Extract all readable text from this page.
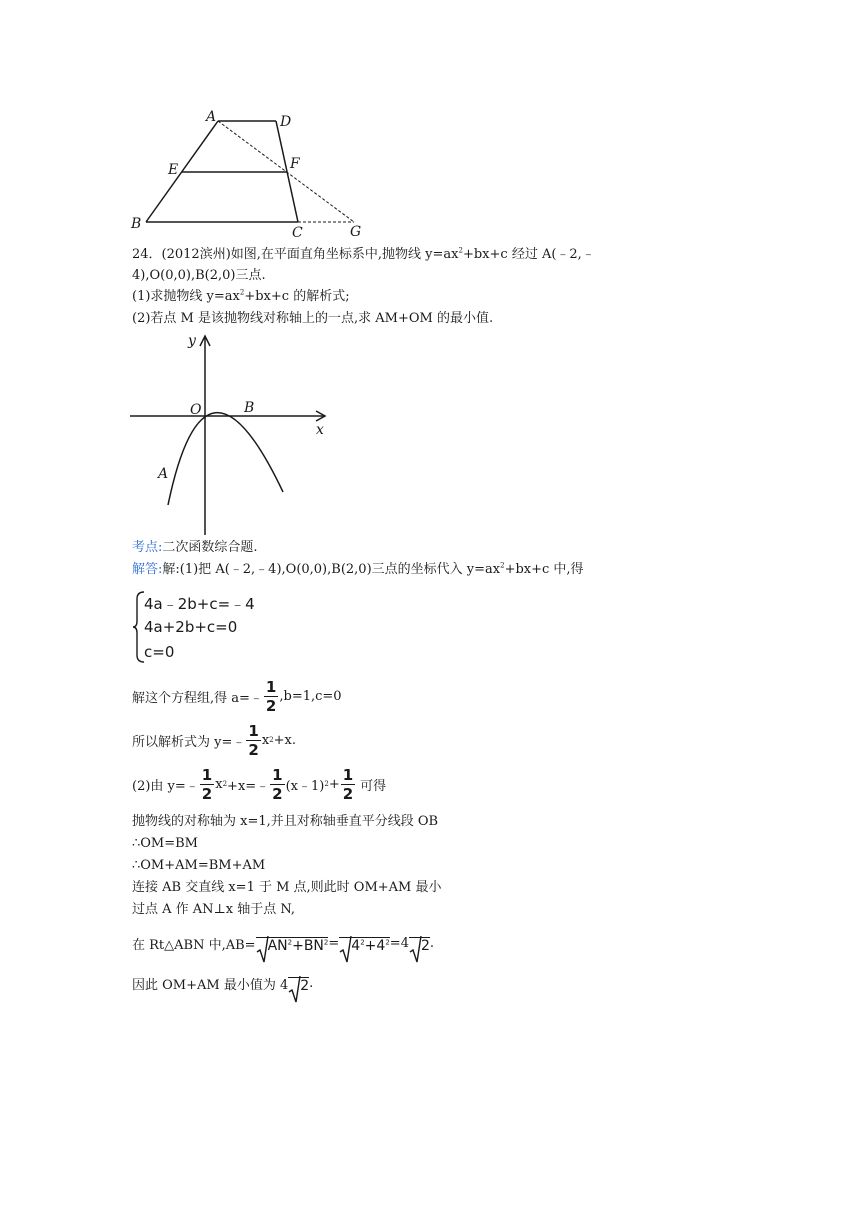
A	D
E	F
B
C	G
24．(2012滨州)如图,在平面直角坐标系中,抛物线 $y=ax^2+bx+c$ 经过 A(﹣2,﹣
4),O(0,0),B(2,0)三点.
(1)求抛物线 $y=ax^2+bx+c$ 的解析式;
(2)若点 M 是该抛物线对称轴上的一点,求 AM+OM 的最小值.
y
x
O	B
A
考点:二次函数综合题.
解答:解:(1)把 A(﹣2,﹣4),O(0,0),B(2,0)三点的坐标代入 $y=ax^2+bx+c$ 中,得
4a﹣2b+c=﹣4
4a+2b+c=0
c=0
解这个方程组,得 a=﹣ $\frac{1}{2} ,b=1,c=0$
所以解析式为 y=﹣ $\frac{1}{2}$ x 2 +x.
(2)由 y=﹣ $\frac{1}{2}$ x 2 +x=﹣ $\frac{1}{2}$ (x﹣1) $2 + \frac{1}{2}$ 可得
抛物线的对称轴为 x=1,并且对称轴垂直平分线段 OB
∴OM=BM
∴OM+AM=BM+AM
连接 AB 交直线 x=1 于 M 点,则此时 OM+AM 最小
过点 A 作 AN⊥x 轴于点 N,
在 Rt△ABN 中$,AB= AN^2+BN^2 = 4^2+4^2 =4$ 2 .
因此 OM+AM 最小值为 4 2 .
